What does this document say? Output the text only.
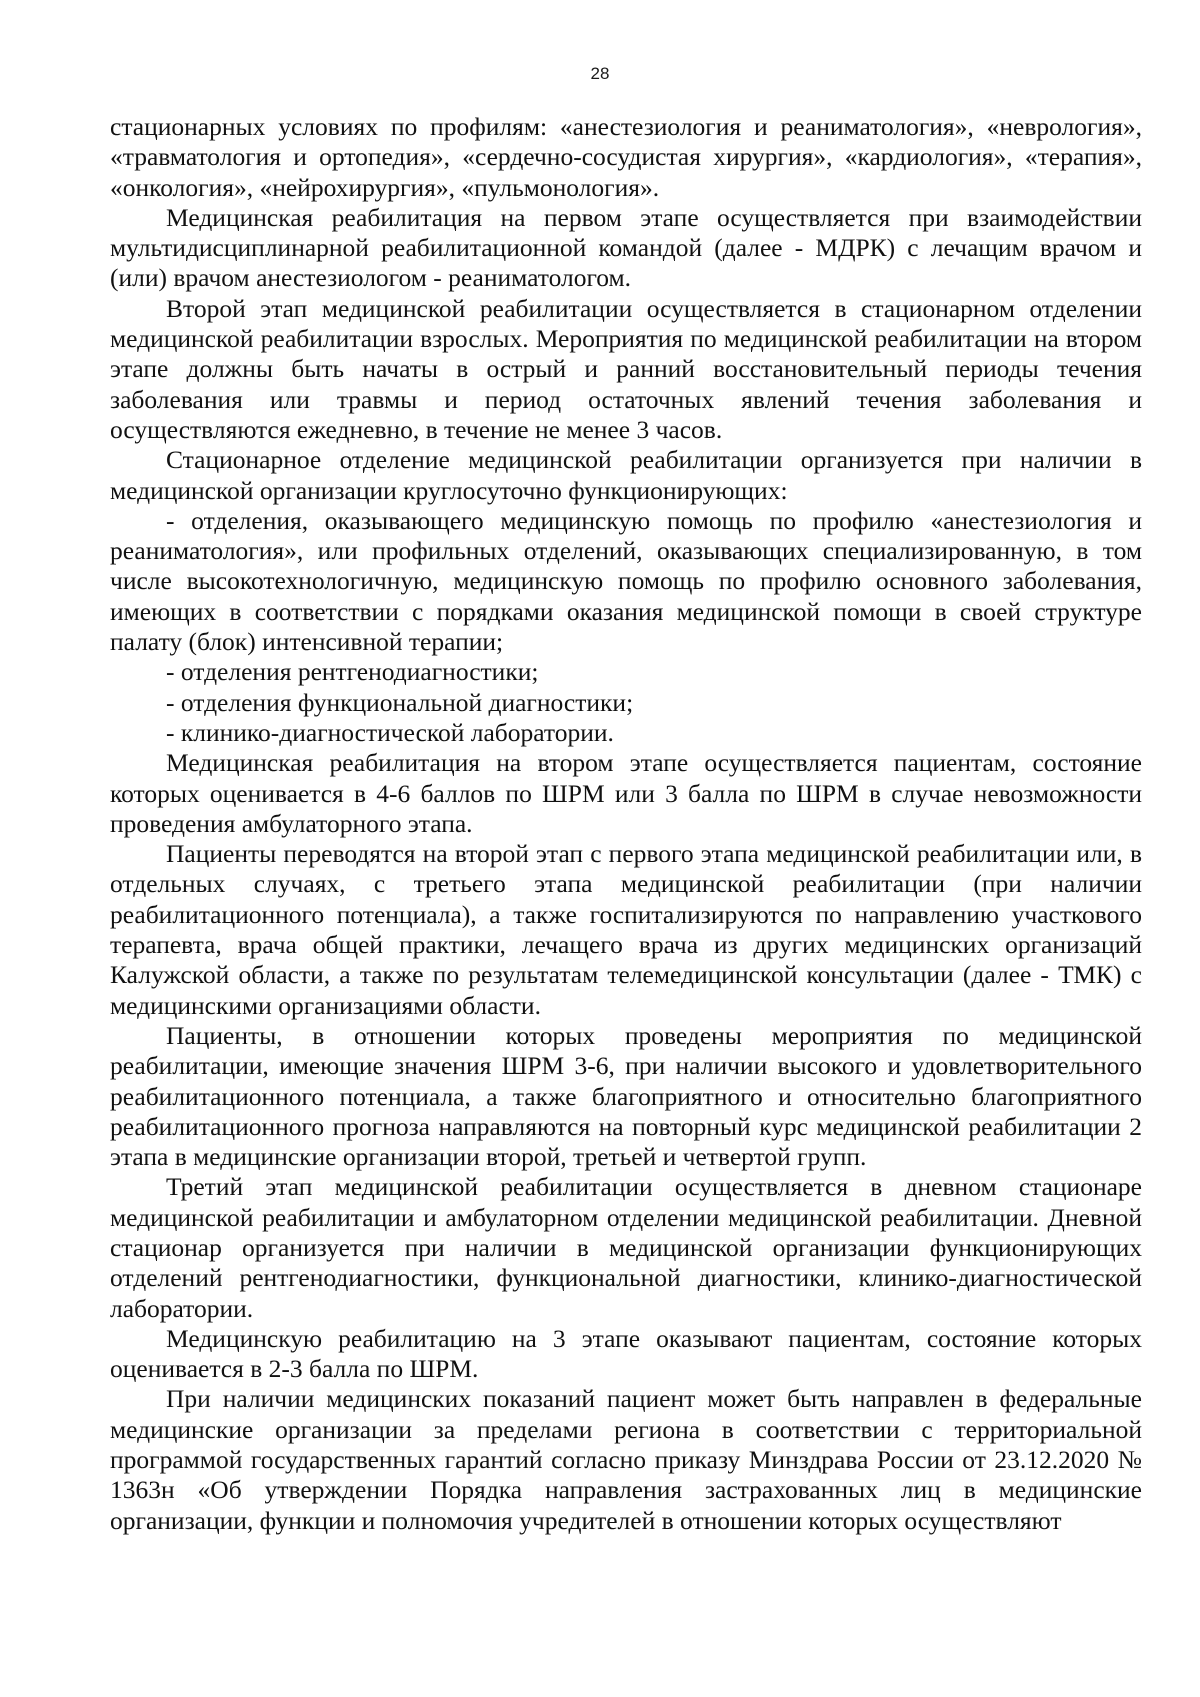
28

стационарных условиях по профилям: «анестезиология и реаниматология», «неврология», «травматология и ортопедия», «сердечно-сосудистая хирургия», «кардиология», «терапия», «онкология», «нейрохирургия», «пульмонология».

Медицинская реабилитация на первом этапе осуществляется при взаимодействии мультидисциплинарной реабилитационной командой (далее - МДРК) с лечащим врачом и (или) врачом анестезиологом - реаниматологом.

Второй этап медицинской реабилитации осуществляется в стационарном отделении медицинской реабилитации взрослых. Мероприятия по медицинской реабилитации на втором этапе должны быть начаты в острый и ранний восстановительный периоды течения заболевания или травмы и период остаточных явлений течения заболевания и осуществляются ежедневно, в течение не менее 3 часов.

Стационарное отделение медицинской реабилитации организуется при наличии в медицинской организации круглосуточно функционирующих:

- отделения, оказывающего медицинскую помощь по профилю «анестезиология и реаниматология», или профильных отделений, оказывающих специализированную, в том числе высокотехнологичную, медицинскую помощь по профилю основного заболевания, имеющих в соответствии с порядками оказания медицинской помощи в своей структуре палату (блок) интенсивной терапии;

- отделения рентгенодиагностики;

- отделения функциональной диагностики;

- клинико-диагностической лаборатории.

Медицинская реабилитация на втором этапе осуществляется пациентам, состояние которых оценивается в 4-6 баллов по ШРМ или 3 балла по ШРМ в случае невозможности проведения амбулаторного этапа.

Пациенты переводятся на второй этап с первого этапа медицинской реабилитации или, в отдельных случаях, с третьего этапа медицинской реабилитации (при наличии реабилитационного потенциала), а также госпитализируются по направлению участкового терапевта, врача общей практики, лечащего врача из других медицинских организаций Калужской области, а также по результатам телемедицинской консультации (далее - ТМК) с медицинскими организациями области.

Пациенты, в отношении которых проведены мероприятия по медицинской реабилитации, имеющие значения ШРМ 3-6, при наличии высокого и удовлетворительного реабилитационного потенциала, а также благоприятного и относительно благоприятного реабилитационного прогноза направляются на повторный курс медицинской реабилитации 2 этапа в медицинские организации второй, третьей и четвертой групп.

Третий этап медицинской реабилитации осуществляется в дневном стационаре медицинской реабилитации и амбулаторном отделении медицинской реабилитации. Дневной стационар организуется при наличии в медицинской организации функционирующих отделений рентгенодиагностики, функциональной диагностики, клинико-диагностической лаборатории.

Медицинскую реабилитацию на 3 этапе оказывают пациентам, состояние которых оценивается в 2-3 балла по ШРМ.

При наличии медицинских показаний пациент может быть направлен в федеральные медицинские организации за пределами региона в соответствии с территориальной программой государственных гарантий согласно приказу Минздрава России от 23.12.2020 № 1363н «Об утверждении Порядка направления застрахованных лиц в медицинские организации, функции и полномочия учредителей в отношении которых осуществляют
